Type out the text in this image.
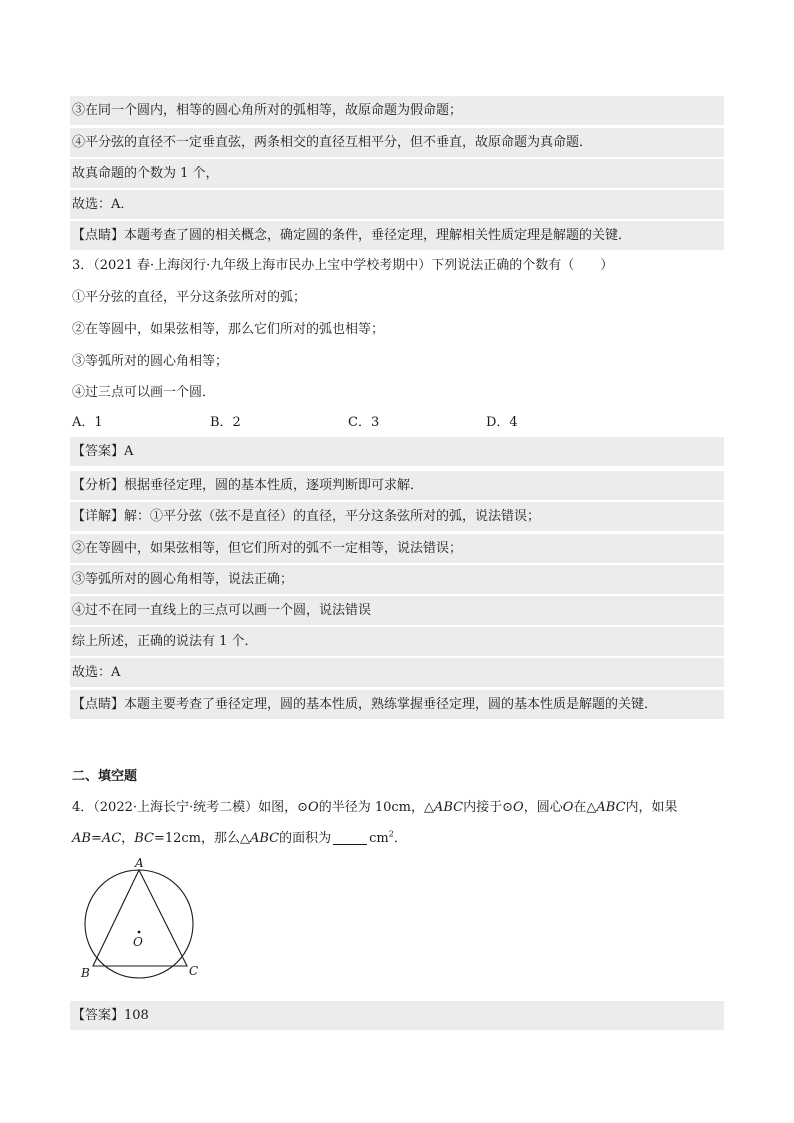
③在同一个圆内，相等的圆心角所对的弧相等，故原命题为假命题；
④平分弦的直径不一定垂直弦，两条相交的直径互相平分，但不垂直，故原命题为真命题．
故真命题的个数为 1 个，
故选：A．
【点睛】本题考查了圆的相关概念，确定圆的条件，垂径定理，理解相关性质定理是解题的关键．
3．（2021 春·上海闵行·九年级上海市民办上宝中学校考期中）下列说法正确的个数有（　　）
①平分弦的直径，平分这条弦所对的弧；
②在等圆中，如果弦相等，那么它们所对的弧也相等；
③等弧所对的圆心角相等；
④过三点可以画一个圆．
A．1	B．2	C．3	D．4
【答案】A
【分析】根据垂径定理，圆的基本性质，逐项判断即可求解．
【详解】解：①平分弦（弦不是直径）的直径，平分这条弦所对的弧，说法错误；
②在等圆中，如果弦相等，但它们所对的弧不一定相等，说法错误；
③等弧所对的圆心角相等，说法正确；
④过不在同一直线上的三点可以画一个圆，说法错误
综上所述，正确的说法有 1 个．
故选：A
【点睛】本题主要考查了垂径定理，圆的基本性质，熟练掌握垂径定理，圆的基本性质是解题的关键．
二、填空题
4．（2022·上海长宁·统考二模）如图，⊙O的半径为 10cm，△ABC内接于⊙O，圆心O在△ABC内，如果
AB=AC，BC=12cm，那么△ABC的面积为	$cm^2$．
A
B	C
O
【答案】108
